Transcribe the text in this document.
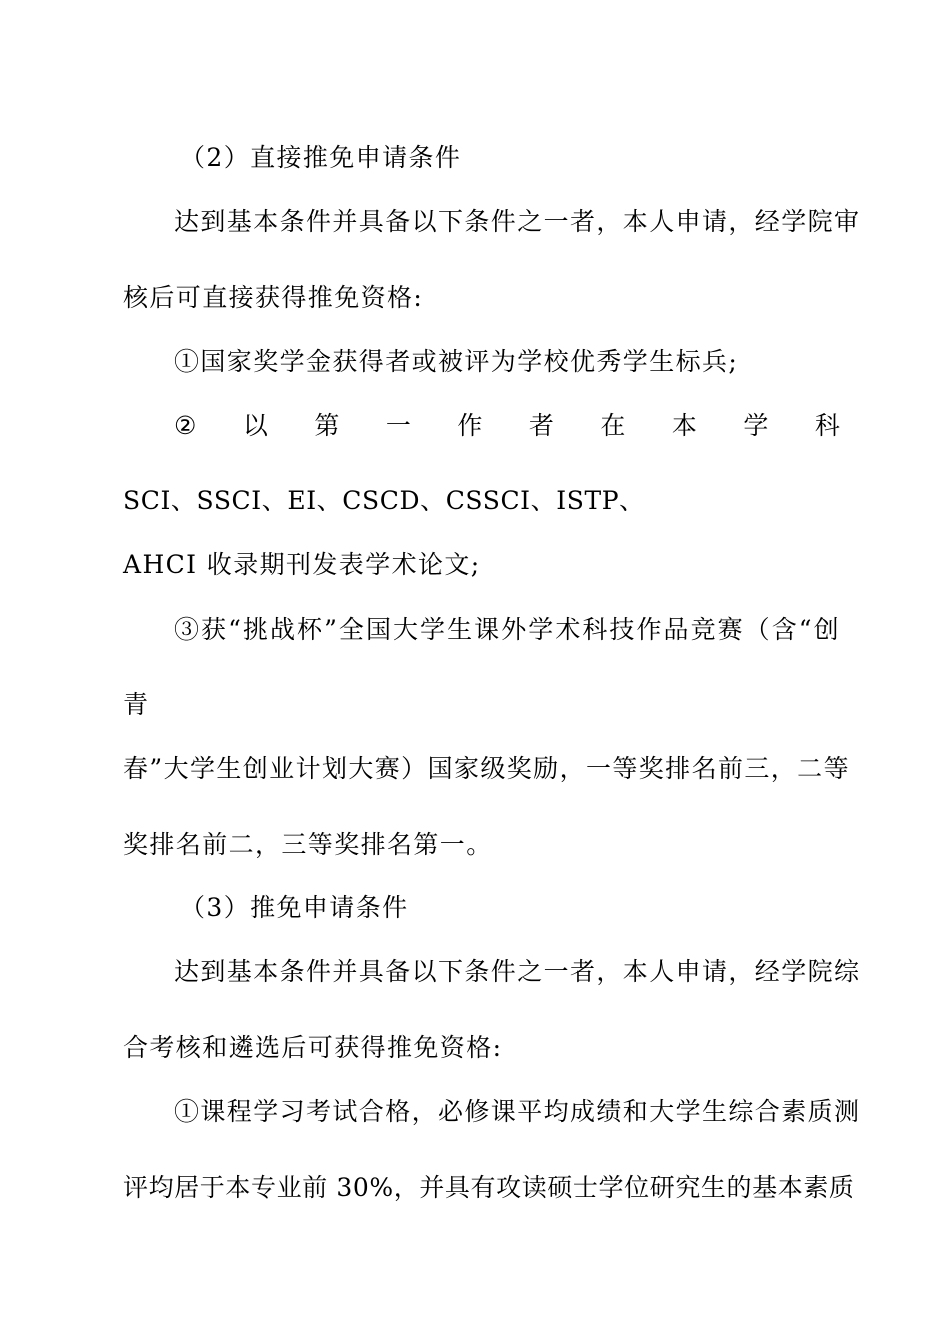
（2）直接推免申请条件
达到基本条件并具备以下条件之一者，本人申请，经学院审
核后可直接获得推免资格:
①国家奖学金获得者或被评为学校优秀学生标兵;
② 以 第 一 作 者 在 本 学 科
SCI、SSCI、EI、CSCD、CSSCI、ISTP、
AHCI 收录期刊发表学术论文;
③获“挑战杯”全国大学生课外学术科技作品竞赛（含“创
青
春”大学生创业计划大赛）国家级奖励，一等奖排名前三，二等
奖排名前二，三等奖排名第一。
（3）推免申请条件
达到基本条件并具备以下条件之一者，本人申请，经学院综
合考核和遴选后可获得推免资格:
①课程学习考试合格，必修课平均成绩和大学生综合素质测
评均居于本专业前 30%，并具有攻读硕士学位研究生的基本素质
